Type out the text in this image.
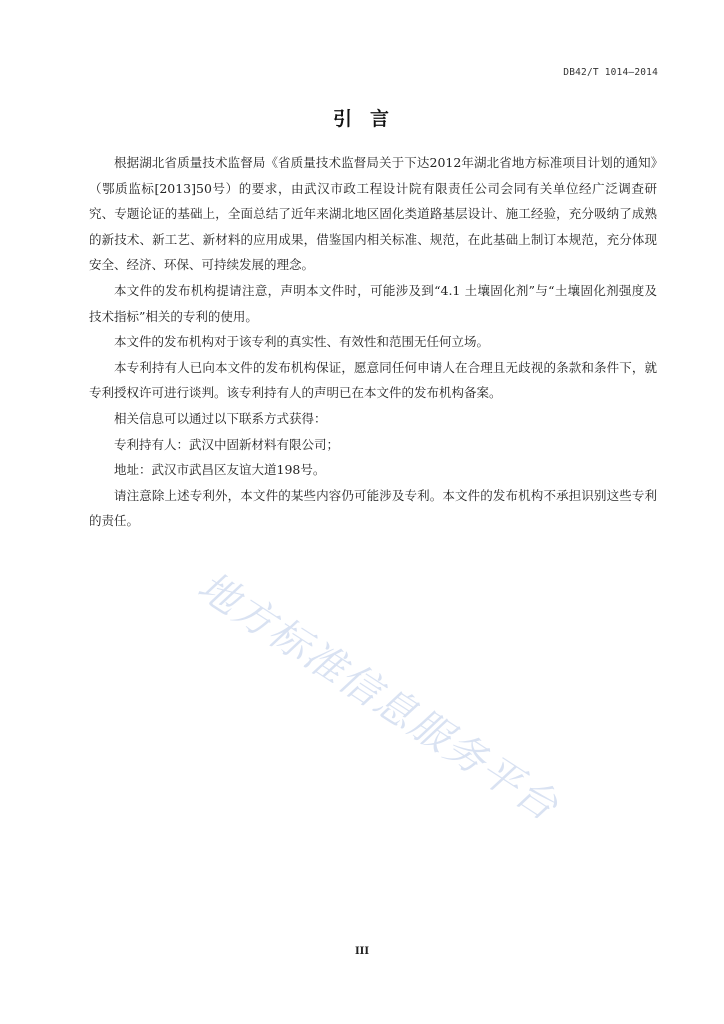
DB42/T 1014—2014
引 言

根据湖北省质量技术监督局《省质量技术监督局关于下达2012年湖北省地方标准项目计划的通知》（鄂质监标[2013]50号）的要求，由武汉市政工程设计院有限责任公司会同有关单位经广泛调查研究、专题论证的基础上，全面总结了近年来湖北地区固化类道路基层设计、施工经验，充分吸纳了成熟的新技术、新工艺、新材料的应用成果，借鉴国内相关标准、规范，在此基础上制订本规范，充分体现安全、经济、环保、可持续发展的理念。

本文件的发布机构提请注意，声明本文件时，可能涉及到“4.1 土壤固化剂”与“土壤固化剂强度及技术指标”相关的专利的使用。

本文件的发布机构对于该专利的真实性、有效性和范围无任何立场。

本专利持有人已向本文件的发布机构保证，愿意同任何申请人在合理且无歧视的条款和条件下，就专利授权许可进行谈判。该专利持有人的声明已在本文件的发布机构备案。

相关信息可以通过以下联系方式获得：

专利持有人：武汉中固新材料有限公司；

地址：武汉市武昌区友谊大道198号。

请注意除上述专利外，本文件的某些内容仍可能涉及专利。本文件的发布机构不承担识别这些专利的责任。

地方标准信息服务平台
III
